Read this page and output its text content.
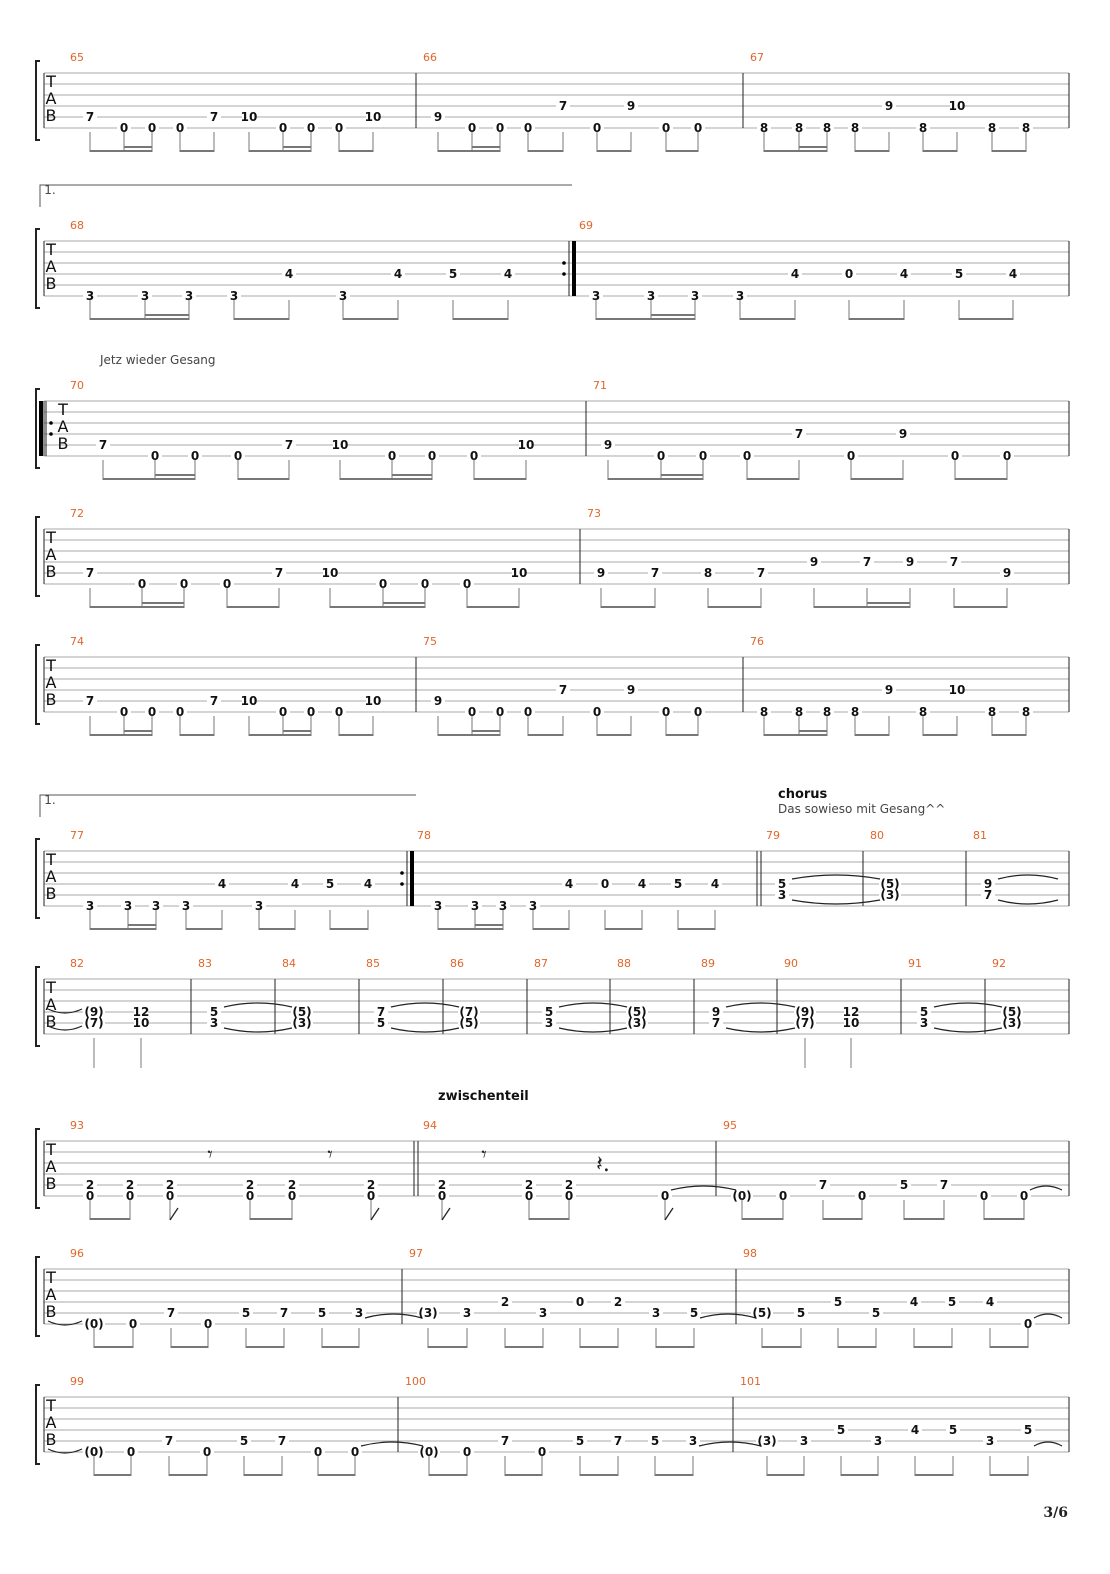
T
A
B
65
7
0 0 0
7 10
0 0 0
10
66
9
0 0 0
7
0
9
0 0
67
8 8 8 8
9
8
10
8 8
T
A
B
1.
68
3	3	3	3
4
3
4	5	4
69
3	3	3	3
4	0	4	5	4
T
A
B
Jetz wieder Gesang
70
7
0	0	0
7	10
0	0	0
10
71
9
0	0	0
7
0
9
0	0
T
A
B
72
7
0	0	0
7	10
0	0	0
10
73
9	7	8	7
9	7	9	7
9
T
A
B
74
7
0 0 0
7 10
0 0 0
10
75
9
0 0 0
7
0
9
0 0
76
8 8 8 8
9
8
10
8 8
T
A
B
1.	chorus
Das sowieso mit Gesang^^
77
3 3 3 3
4
3
4 5 4
78
3 3 3 3
4 0 4 5 4
79
5
3
80
(5)
(3)
81
9
7
T
A
B
82
(9)
(7)
12
10
83
5
3
84
(5)
(3)
85
7
5
86
(7)
(5)
87
5
3
88
(5)
(3)
89
9
7
90
(9)
(7)
12
10
91
5
3
92
(5)
(3)
𝄾	𝄾	𝄾	𝄽.
T
A
B
zwischenteil
93
2
0
2
0
2
0
2
0
2
0
2
0
94
2
0
2
0
2
0	0
95
(0) 0
7
0
5	7
0	0
T
A
B
96
(0) 0
7
0
5 7 5 3
97
(3) 3
2
3
0 2
3 5
98
(5) 5
5
5
4 5 4
0
T
A
B
99
(0) 0
7
0
5 7
0 0
100
(0) 0
7
0
5 7 5 3
101
(3) 3
5
3
4 5
3
5
3/6
